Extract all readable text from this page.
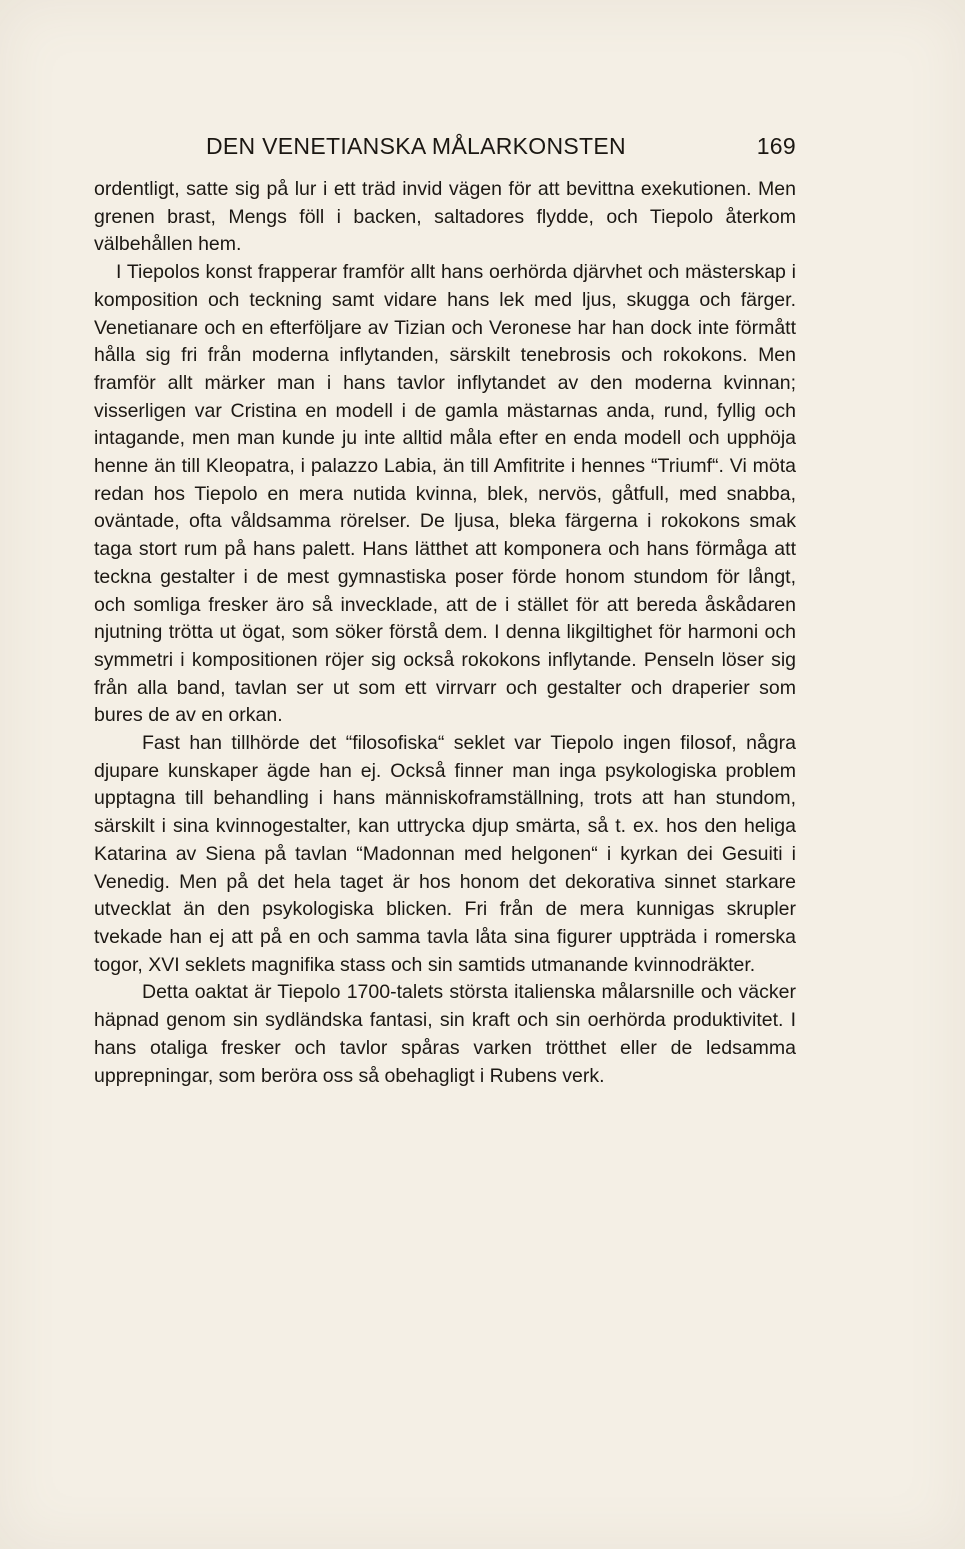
DEN VENETIANSKA MÅLARKONSTEN	169

ordentligt, satte sig på lur i ett träd invid vägen för att bevittna exekutionen. Men grenen brast, Mengs föll i backen, saltadores flydde, och Tiepolo återkom välbehållen hem.

I Tiepolos konst frapperar framför allt hans oerhörda djärvhet och mästerskap i komposition och teckning samt vidare hans lek med ljus, skugga och färger. Venetianare och en efterföljare av Tizian och Veronese har han dock inte förmått hålla sig fri från moderna inflytanden, särskilt tenebrosis och rokokons. Men framför allt märker man i hans tavlor inflytandet av den moderna kvinnan; visserligen var Cristina en modell i de gamla mästarnas anda, rund, fyllig och intagande, men man kunde ju inte alltid måla efter en enda modell och upphöja henne än till Kleopatra, i palazzo Labia, än till Amfitrite i hennes “Triumf“. Vi möta redan hos Tiepolo en mera nutida kvinna, blek, nervös, gåtfull, med snabba, oväntade, ofta våldsamma rörelser. De ljusa, bleka färgerna i rokokons smak taga stort rum på hans palett. Hans lätthet att komponera och hans förmåga att teckna gestalter i de mest gymnastiska poser förde honom stundom för långt, och somliga fresker äro så invecklade, att de i stället för att bereda åskådaren njutning trötta ut ögat, som söker förstå dem. I denna likgiltighet för harmoni och symmetri i kompositionen röjer sig också rokokons inflytande. Penseln löser sig från alla band, tavlan ser ut som ett virrvarr och gestalter och draperier som bures de av en orkan.

Fast han tillhörde det “filosofiska“ seklet var Tiepolo ingen filosof, några djupare kunskaper ägde han ej. Också finner man inga psykologiska problem upptagna till behandling i hans människoframställning, trots att han stundom, särskilt i sina kvinnogestalter, kan uttrycka djup smärta, så t. ex. hos den heliga Katarina av Siena på tavlan “Madonnan med helgonen“ i kyrkan dei Gesuiti i Venedig. Men på det hela taget är hos honom det dekorativa sinnet starkare utvecklat än den psykologiska blicken. Fri från de mera kunnigas skrupler tvekade han ej att på en och samma tavla låta sina figurer uppträda i romerska togor, XVI seklets magnifika stass och sin samtids utmanande kvinnodräkter.

Detta oaktat är Tiepolo 1700-talets största italienska målarsnille och väcker häpnad genom sin sydländska fantasi, sin kraft och sin oerhörda produktivitet. I hans otaliga fresker och tavlor spåras varken trötthet eller de ledsamma upprepningar, som beröra oss så obehagligt i Rubens verk.
